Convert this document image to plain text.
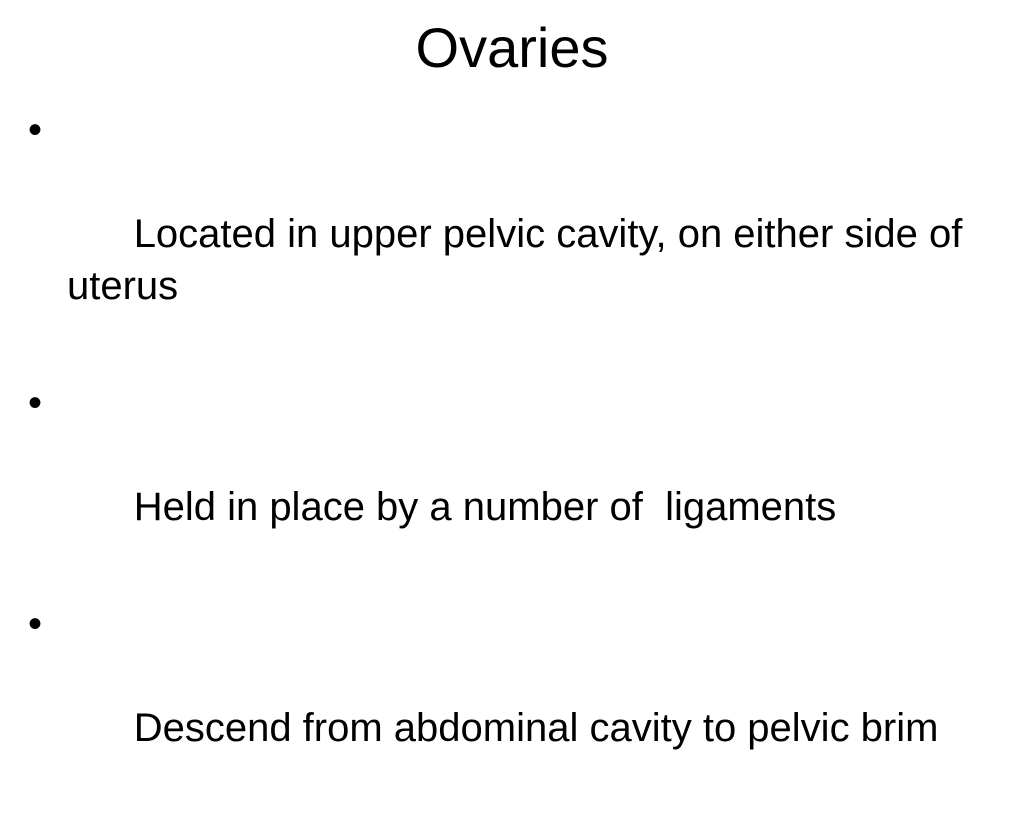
Ovaries

•

Located in upper pelvic cavity, on either side of uterus

•

Held in place by a number of  ligaments

•

Descend from abdominal cavity to pelvic brim
